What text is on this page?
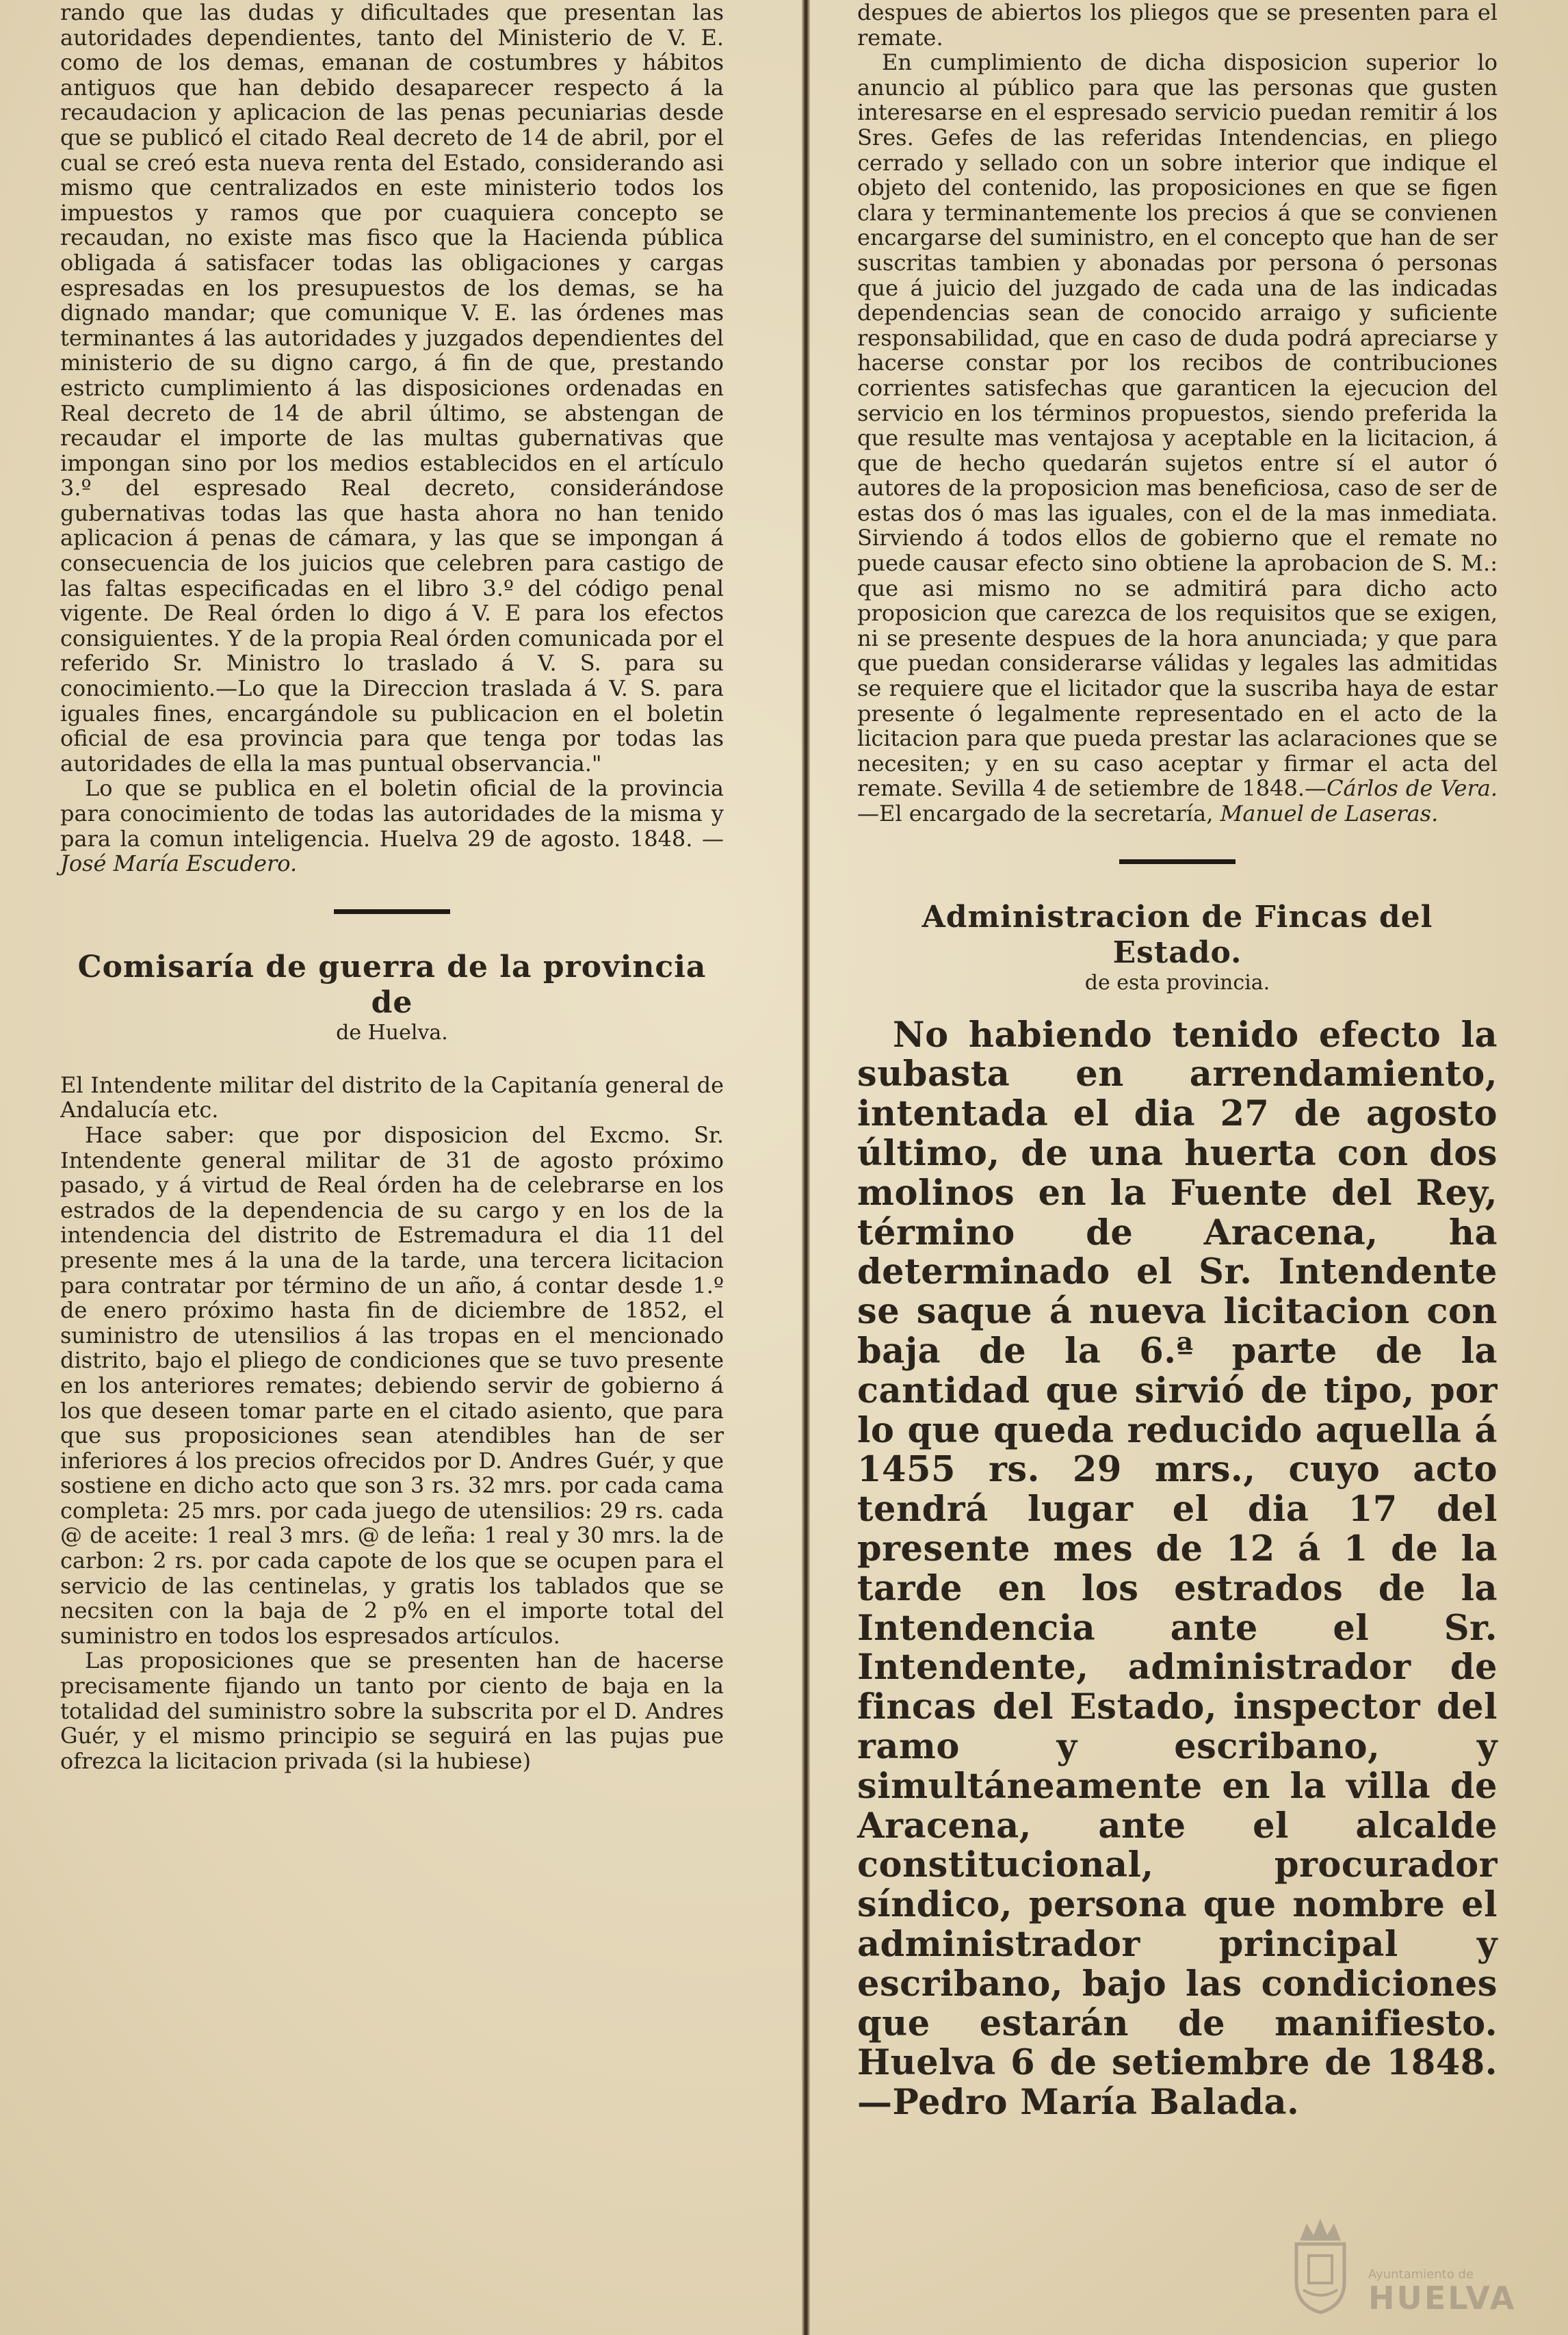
rando que las dudas y dificultades que presentan las autoridades dependientes, tanto del Ministerio de V. E. como de los demas, emanan de costumbres y hábitos antiguos que han debido desaparecer respecto á la recaudacion y aplicacion de las penas pecuniarias desde que se publicó el citado Real decreto de 14 de abril, por el cual se creó esta nueva renta del Estado, considerando asi mismo que centralizados en este ministerio todos los impuestos y ramos que por cuaquiera concepto se recaudan, no existe mas fisco que la Hacienda pública obligada á satisfacer todas las obligaciones y cargas espresadas en los presupuestos de los demas, se ha dignado mandar; que comunique V. E. las órdenes mas terminantes á las autoridades y juzgados dependientes del ministerio de su digno cargo, á fin de que, prestando estricto cumplimiento á las disposiciones ordenadas en Real decreto de 14 de abril último, se abstengan de recaudar el importe de las multas gubernativas que impongan sino por los medios establecidos en el artículo 3.º del espresado Real decreto, considerándose gubernativas todas las que hasta ahora no han tenido aplicacion á penas de cámara, y las que se impongan á consecuencia de los juicios que celebren para castigo de las faltas especificadas en el libro 3.º del código penal vigente. De Real órden lo digo á V. E para los efectos consiguientes. Y de la propia Real órden comunicada por el referido Sr. Ministro lo traslado á V. S. para su conocimiento.—Lo que la Direccion traslada á V. S. para iguales fines, encargándole su publicacion en el boletin oficial de esa provincia para que tenga por todas las autoridades de ella la mas puntual observancia."

Lo que se publica en el boletin oficial de la provincia para conocimiento de todas las autoridades de la misma y para la comun inteligencia. Huelva 29 de agosto. 1848. —José María Escudero.

Comisaría de guerra de la provincia de
de Huelva.

El Intendente militar del distrito de la Capitanía general de Andalucía etc.

Hace saber: que por disposicion del Excmo. Sr. Intendente general militar de 31 de agosto próximo pasado, y á virtud de Real órden ha de celebrarse en los estrados de la dependencia de su cargo y en los de la intendencia del distrito de Estremadura el dia 11 del presente mes á la una de la tarde, una tercera licitacion para contratar por término de un año, á contar desde 1.º de enero próximo hasta fin de diciembre de 1852, el suministro de utensilios á las tropas en el mencionado distrito, bajo el pliego de condiciones que se tuvo presente en los anteriores remates; debiendo servir de gobierno á los que deseen tomar parte en el citado asiento, que para que sus proposiciones sean atendibles han de ser inferiores á los precios ofrecidos por D. Andres Guér, y que sostiene en dicho acto que son 3 rs. 32 mrs. por cada cama completa: 25 mrs. por cada juego de utensilios: 29 rs. cada @ de aceite: 1 real 3 mrs. @ de leña: 1 real y 30 mrs. la de carbon: 2 rs. por cada capote de los que se ocupen para el servicio de las centinelas, y gratis los tablados que se necsiten con la baja de 2 p% en el importe total del suministro en todos los espresados artículos.

Las proposiciones que se presenten han de hacerse precisamente fijando un tanto por ciento de baja en la totalidad del suministro sobre la subscrita por el D. Andres Guér, y el mismo principio se seguirá en las pujas pue ofrezca la licitacion privada (si la hubiese)

despues de abiertos los pliegos que se presenten para el remate.

En cumplimiento de dicha disposicion superior lo anuncio al público para que las personas que gusten interesarse en el espresado servicio puedan remitir á los Sres. Gefes de las referidas Intendencias, en pliego cerrado y sellado con un sobre interior que indique el objeto del contenido, las proposiciones en que se figen clara y terminantemente los precios á que se convienen encargarse del suministro, en el concepto que han de ser suscritas tambien y abonadas por persona ó personas que á juicio del juzgado de cada una de las indicadas dependencias sean de conocido arraigo y suficiente responsabilidad, que en caso de duda podrá apreciarse y hacerse constar por los recibos de contribuciones corrientes satisfechas que garanticen la ejecucion del servicio en los términos propuestos, siendo preferida la que resulte mas ventajosa y aceptable en la licitacion, á que de hecho quedarán sujetos entre sí el autor ó autores de la proposicion mas beneficiosa, caso de ser de estas dos ó mas las iguales, con el de la mas inmediata. Sirviendo á todos ellos de gobierno que el remate no puede causar efecto sino obtiene la aprobacion de S. M.: que asi mismo no se admitirá para dicho acto proposicion que carezca de los requisitos que se exigen, ni se presente despues de la hora anunciada; y que para que puedan considerarse válidas y legales las admitidas se requiere que el licitador que la suscriba haya de estar presente ó legalmente representado en el acto de la licitacion para que pueda prestar las aclaraciones que se necesiten; y en su caso aceptar y firmar el acta del remate. Sevilla 4 de setiembre de 1848.—Cárlos de Vera.—El encargado de la secretaría, Manuel de Laseras.

Administracion de Fincas del Estado.
de esta provincia.

No habiendo tenido efecto la subasta en arrendamiento, intentada el dia 27 de agosto último, de una huerta con dos molinos en la Fuente del Rey, término de Aracena, ha determinado el Sr. Intendente se saque á nueva licitacion con baja de la 6.ª parte de la cantidad que sirvió de tipo, por lo que queda reducido aquella á 1455 rs. 29 mrs., cuyo acto tendrá lugar el dia 17 del presente mes de 12 á 1 de la tarde en los estrados de la Intendencia ante el Sr. Intendente, administrador de fincas del Estado, inspector del ramo y escribano, y simultáneamente en la villa de Aracena, ante el alcalde constitucional, procurador síndico, persona que nombre el administrador principal y escribano, bajo las condiciones que estarán de manifiesto. Huelva 6 de setiembre de 1848.—Pedro María Balada.

Ayuntamiento de
HUELVA
